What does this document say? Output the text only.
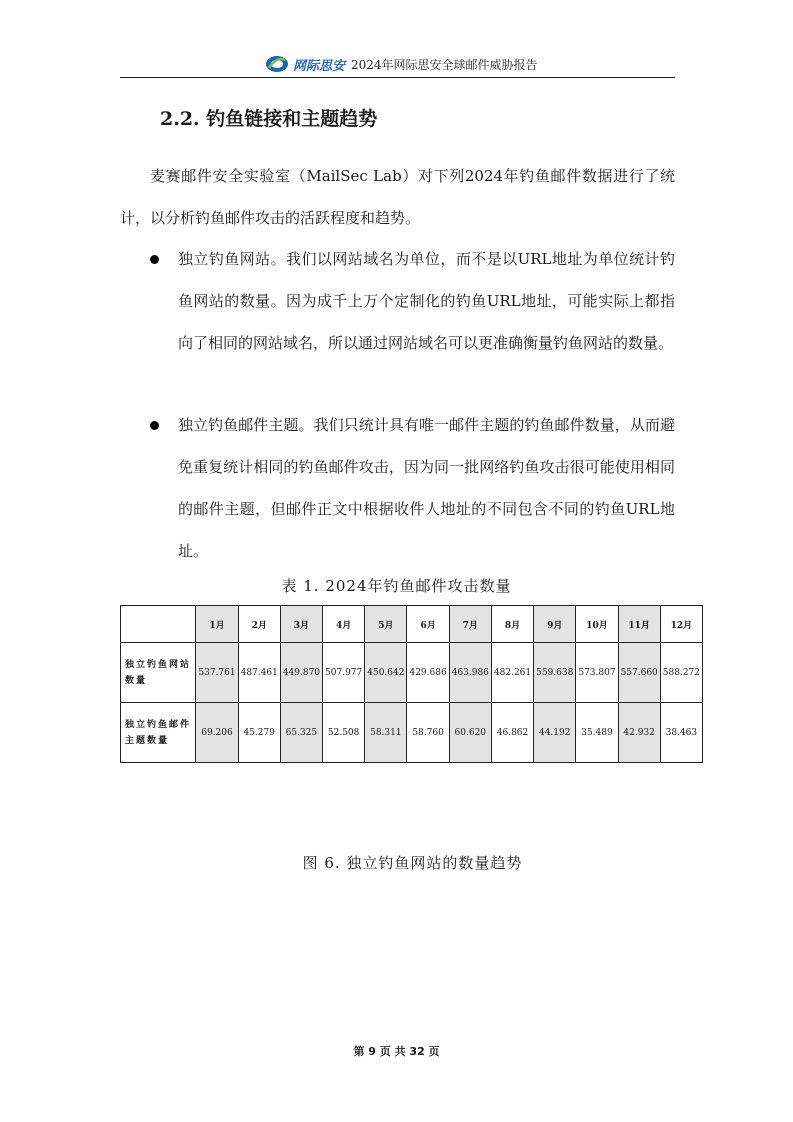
网际思安 2024年网际思安全球邮件威胁报告
2.2. 钓鱼链接和主题趋势
麦赛邮件安全实验室（MailSec Lab）对下列2024年钓鱼邮件数据进行了统计，以分析钓鱼邮件攻击的活跃程度和趋势。
独立钓鱼网站。我们以网站域名为单位，而不是以URL地址为单位统计钓鱼网站的数量。因为成千上万个定制化的钓鱼URL地址，可能实际上都指向了相同的网站域名，所以通过网站域名可以更准确衡量钓鱼网站的数量。
独立钓鱼邮件主题。我们只统计具有唯一邮件主题的钓鱼邮件数量，从而避免重复统计相同的钓鱼邮件攻击，因为同一批网络钓鱼攻击很可能使用相同的邮件主题，但邮件正文中根据收件人地址的不同包含不同的钓鱼URL地址。
表 1. 2024年钓鱼邮件攻击数量
	1月	2月	3月	4月	5月	6月	7月	8月	9月	10月	11月	12月
独立钓鱼网站数量	537.761	487.461	449.870	507.977	450.642	429.686	463.986	482.261	559.638	573.807	557.660	588.272
独立钓鱼邮件主题数量	69.206	45.279	65.325	52.508	58.311	58.760	60.620	46.862	44.192	35.489	42.932	38.463
图 6. 独立钓鱼网站的数量趋势
第 9 页 共 32 页
